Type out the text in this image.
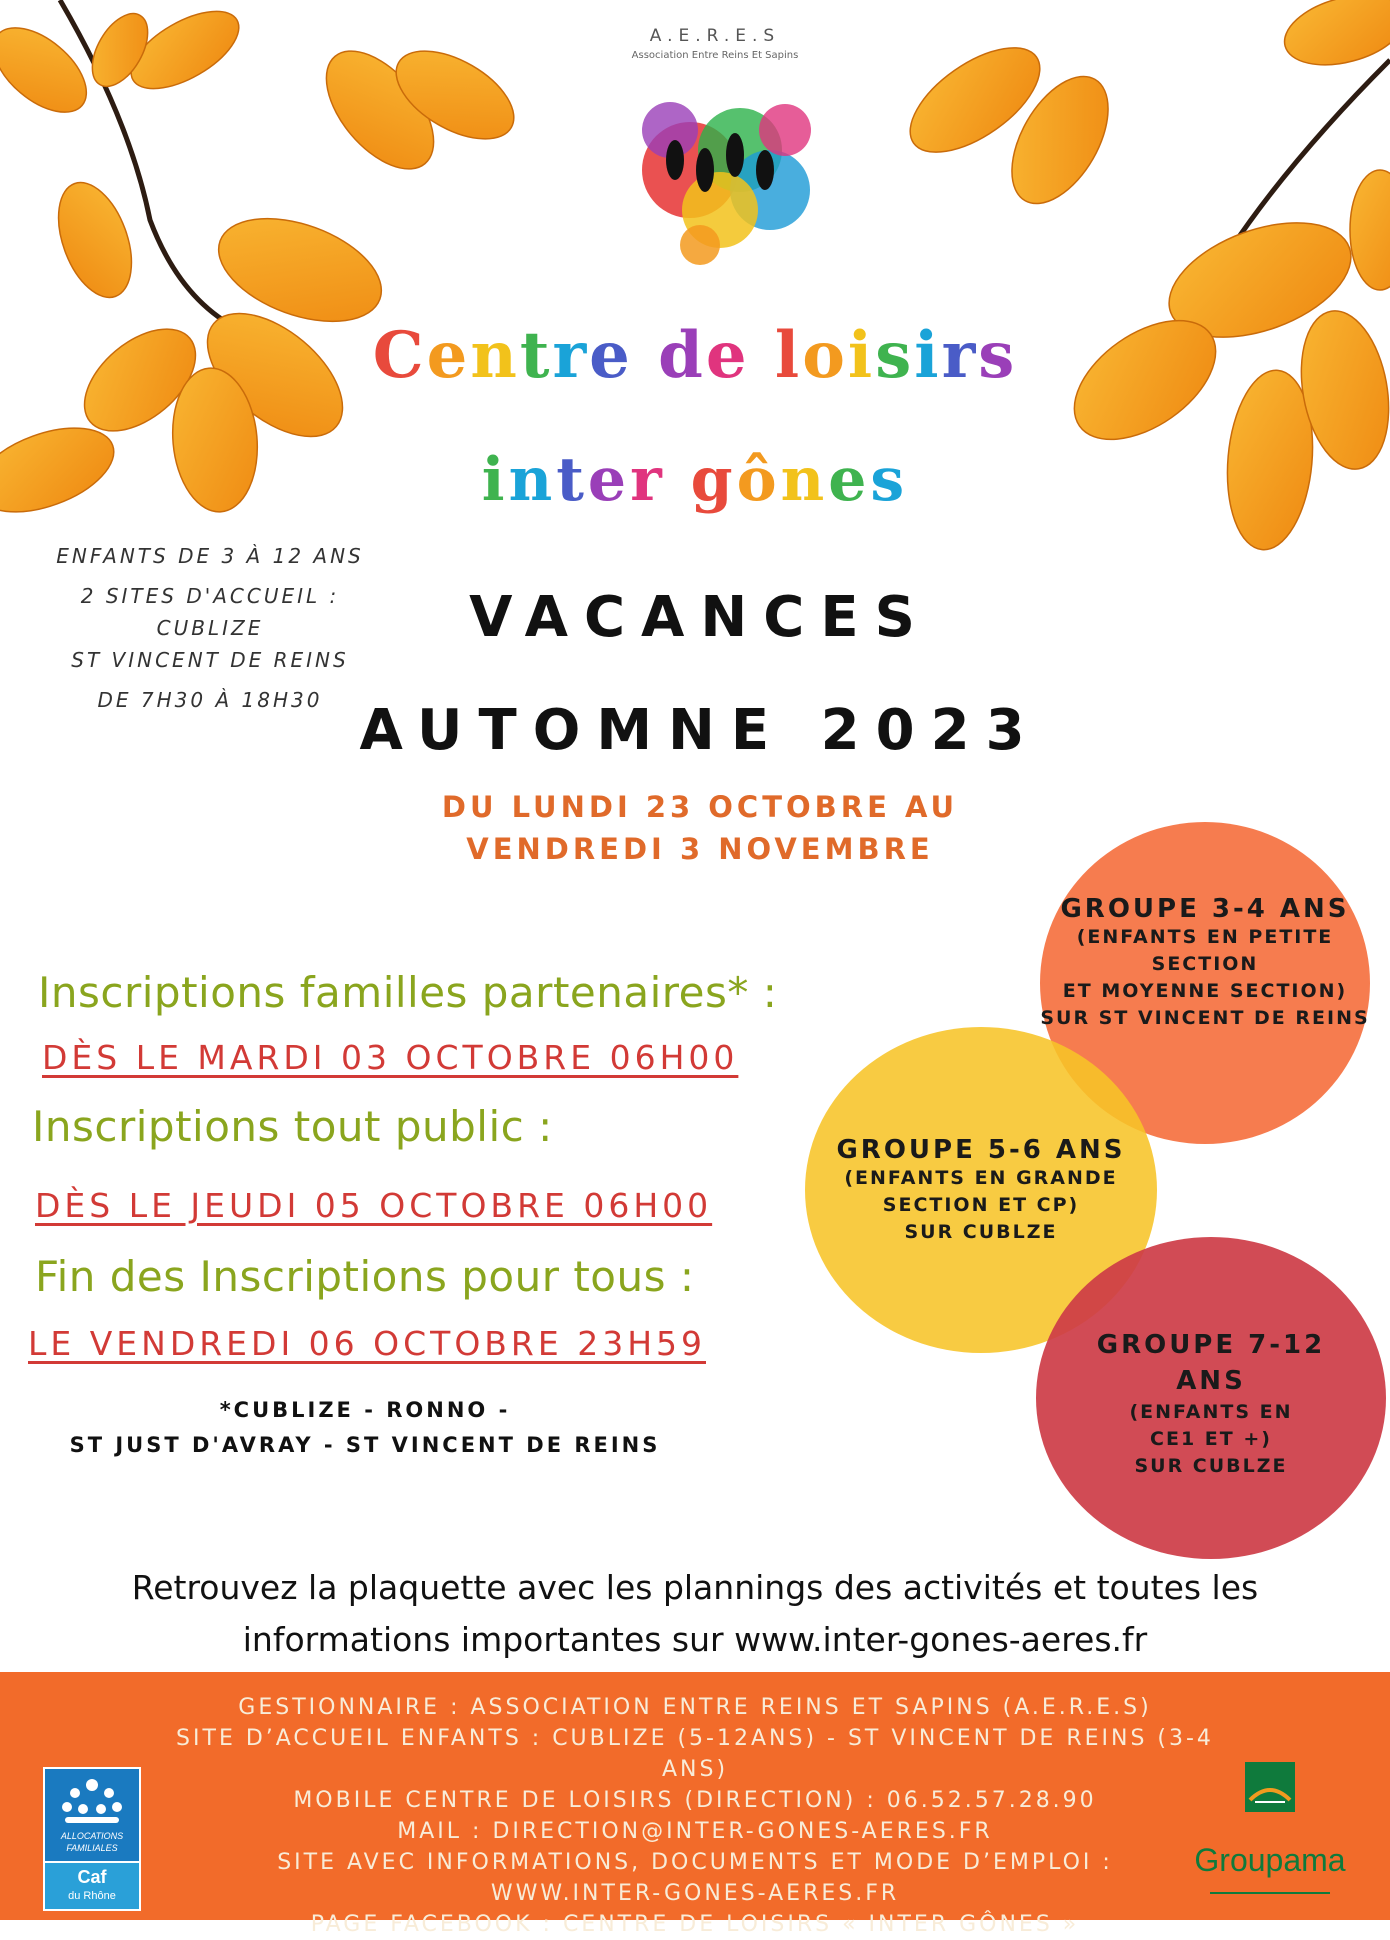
A.E.R.E.S
Association Entre Reins Et Sapins
Centre de loisirs
inter gônes
ENFANTS DE 3 À 12 ANS
2 SITES D'ACCUEIL :
CUBLIZE
ST VINCENT DE REINS
DE 7H30 À 18H30
VACANCES
AUTOMNE 2023
DU LUNDI 23 OCTOBRE AU
VENDREDI 3 NOVEMBRE
GROUPE 3-4 ANS
(ENFANTS EN PETITE
SECTION
ET MOYENNE SECTION)
SUR ST VINCENT DE REINS
GROUPE 5-6 ANS
(ENFANTS EN GRANDE
SECTION ET CP)
SUR CUBLZE
GROUPE 7-12 ANS
(ENFANTS EN
CE1 ET +)
SUR CUBLZE
Inscriptions familles partenaires* :
DÈS LE MARDI 03 OCTOBRE 06H00
Inscriptions tout public :
DÈS LE JEUDI 05 OCTOBRE 06H00
Fin des Inscriptions pour tous :
LE VENDREDI 06 OCTOBRE 23H59
*CUBLIZE - RONNO -
ST JUST D'AVRAY - ST VINCENT DE REINS
Retrouvez la plaquette avec les plannings des activités et toutes les
informations importantes sur www.inter-gones-aeres.fr
GESTIONNAIRE : ASSOCIATION ENTRE REINS ET SAPINS (A.E.R.E.S)
SITE D’ACCUEIL ENFANTS : CUBLIZE (5-12ANS) - ST VINCENT DE REINS (3-4 ANS)
MOBILE CENTRE DE LOISIRS (DIRECTION) : 06.52.57.28.90
MAIL : DIRECTION@INTER-GONES-AERES.FR
SITE AVEC INFORMATIONS, DOCUMENTS ET MODE D’EMPLOI :
WWW.INTER-GONES-AERES.FR
PAGE FACEBOOK : CENTRE DE LOISIRS « INTER GÔNES »
ALLOCATIONS
FAMILIALES
Caf
du Rhône
Groupama
